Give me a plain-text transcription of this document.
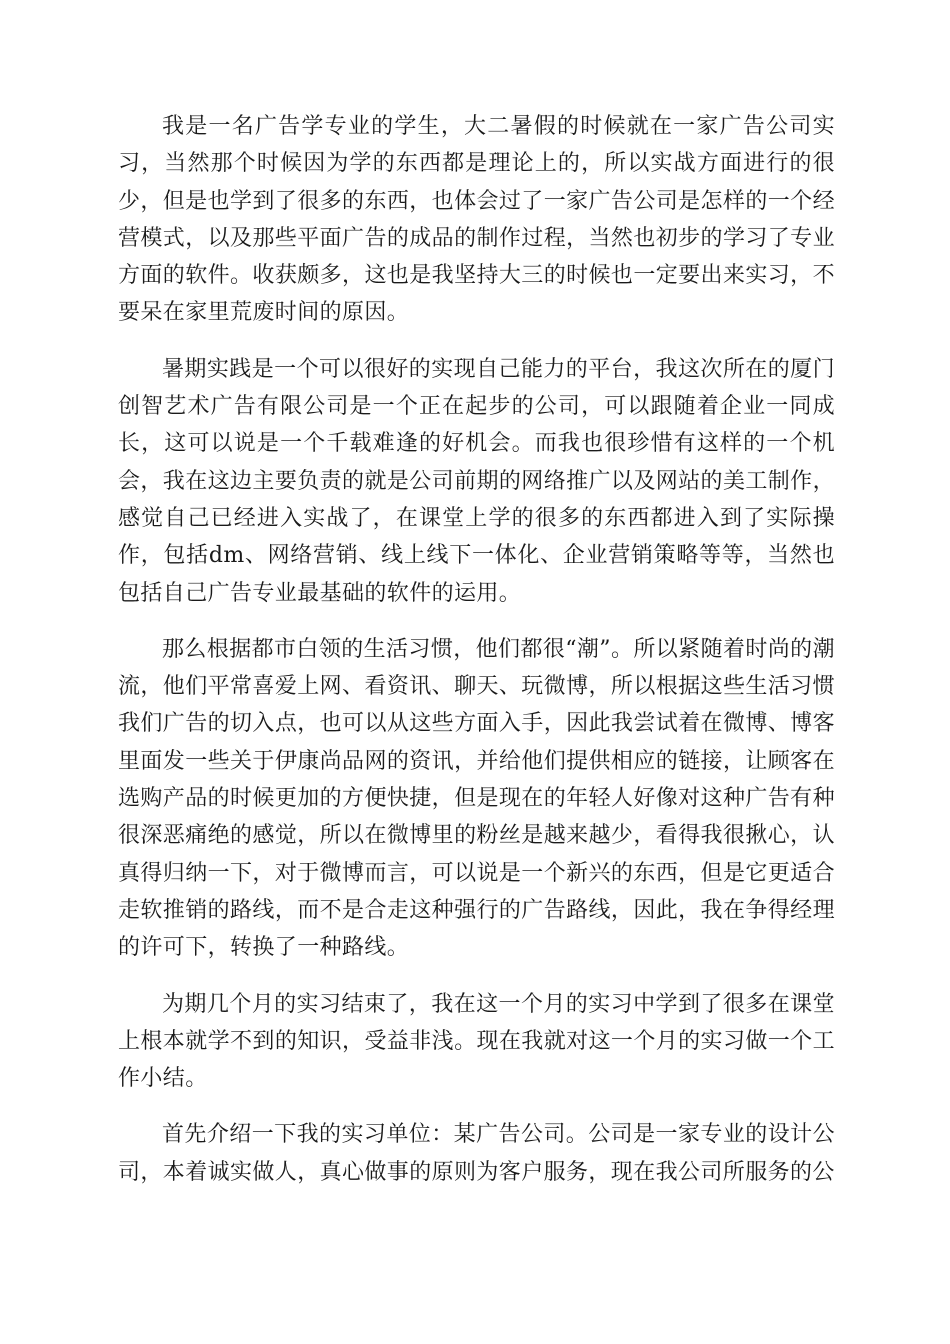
我是一名广告学专业的学生，大二暑假的时候就在一家广告公司实习，当然那个时候因为学的东西都是理论上的，所以实战方面进行的很少，但是也学到了很多的东西，也体会过了一家广告公司是怎样的一个经营模式，以及那些平面广告的成品的制作过程，当然也初步的学习了专业方面的软件。收获颇多，这也是我坚持大三的时候也一定要出来实习，不要呆在家里荒废时间的原因。

暑期实践是一个可以很好的实现自己能力的平台，我这次所在的厦门创智艺术广告有限公司是一个正在起步的公司，可以跟随着企业一同成长，这可以说是一个千载难逢的好机会。而我也很珍惜有这样的一个机会，我在这边主要负责的就是公司前期的网络推广以及网站的美工制作，感觉自己已经进入实战了，在课堂上学的很多的东西都进入到了实际操作，包括dm、网络营销、线上线下一体化、企业营销策略等等，当然也包括自己广告专业最基础的软件的运用。

那么根据都市白领的生活习惯，他们都很“潮”。所以紧随着时尚的潮流，他们平常喜爱上网、看资讯、聊天、玩微博，所以根据这些生活习惯我们广告的切入点，也可以从这些方面入手，因此我尝试着在微博、博客里面发一些关于伊康尚品网的资讯，并给他们提供相应的链接，让顾客在选购产品的时候更加的方便快捷，但是现在的年轻人好像对这种广告有种很深恶痛绝的感觉，所以在微博里的粉丝是越来越少，看得我很揪心，认真得归纳一下，对于微博而言，可以说是一个新兴的东西，但是它更适合走软推销的路线，而不是合走这种强行的广告路线，因此，我在争得经理的许可下，转换了一种路线。

为期几个月的实习结束了，我在这一个月的实习中学到了很多在课堂上根本就学不到的知识，受益非浅。现在我就对这一个月的实习做一个工作小结。

首先介绍一下我的实习单位：某广告公司。公司是一家专业的设计公司，本着诚实做人，真心做事的原则为客户服务，现在我公司所服务的公
